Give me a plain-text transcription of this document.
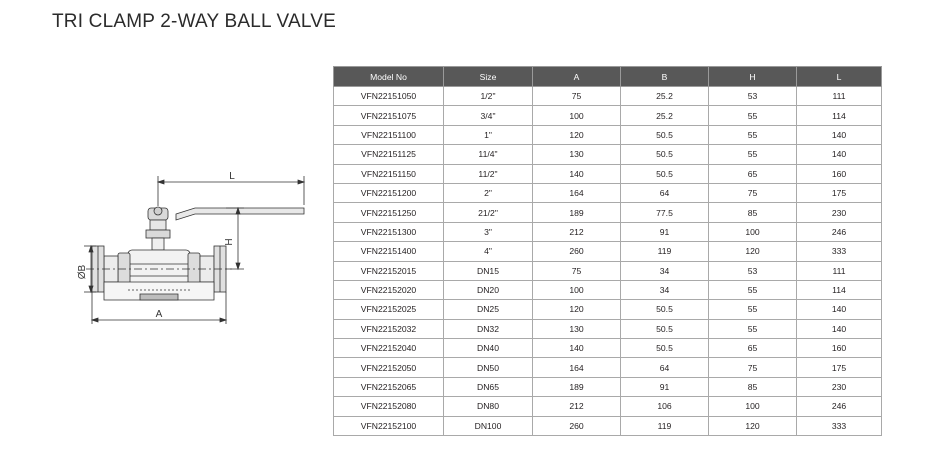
TRI CLAMP 2-WAY BALL VALVE
L
H
ØB
A
Model No	Size	A	B	H	L
VFN22151050	1/2"	75	25.2	53	111
VFN22151075	3/4"	100	25.2	55	114
VFN22151100	1"	120	50.5	55	140
VFN22151125	11/4"	130	50.5	55	140
VFN22151150	11/2"	140	50.5	65	160
VFN22151200	2"	164	64	75	175
VFN22151250	21/2"	189	77.5	85	230
VFN22151300	3"	212	91	100	246
VFN22151400	4"	260	119	120	333
VFN22152015	DN15	75	34	53	111
VFN22152020	DN20	100	34	55	114
VFN22152025	DN25	120	50.5	55	140
VFN22152032	DN32	130	50.5	55	140
VFN22152040	DN40	140	50.5	65	160
VFN22152050	DN50	164	64	75	175
VFN22152065	DN65	189	91	85	230
VFN22152080	DN80	212	106	100	246
VFN22152100	DN100	260	119	120	333
